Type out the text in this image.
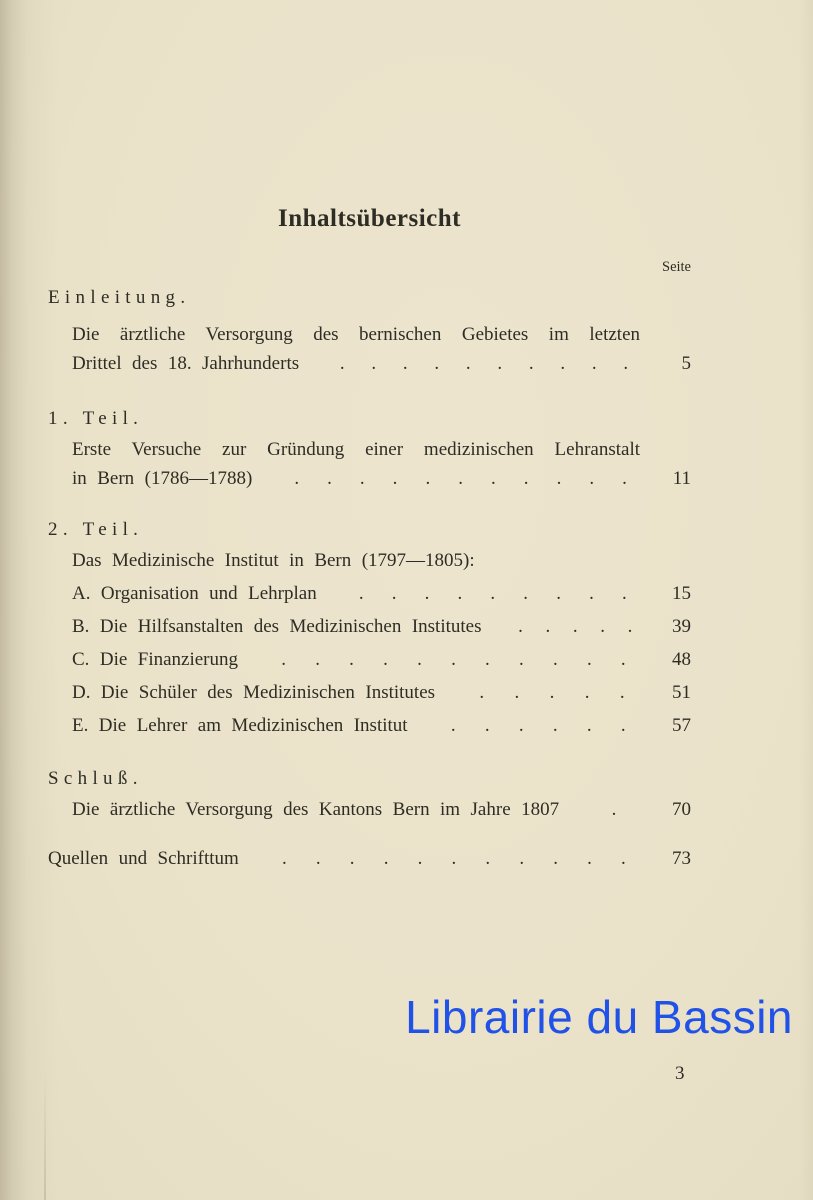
Inhaltsübersicht
Seite
Einleitung.
Die ärztliche Versorgung des bernischen Gebietes im letzten
Drittel des 18. Jahrhunderts . . . . . . . . . .	5
1. Teil.
Erste Versuche zur Gründung einer medizinischen Lehranstalt
in Bern (1786—1788) . . . . . . . . . . .	11
2. Teil.
Das Medizinische Institut in Bern (1797—1805):
A. Organisation und Lehrplan . . . . . . . . .	15
B. Die Hilfsanstalten des Medizinischen Institutes . . . . .	39
C. Die Finanzierung . . . . . . . . . . .	48
D. Die Schüler des Medizinischen Institutes . . . . .	51
E. Die Lehrer am Medizinischen Institut . . . . . .	57
Schluß.
Die ärztliche Versorgung des Kantons Bern im Jahre 1807	.	70
Quellen und Schrifttum . . . . . . . . . . .	73
Librairie du Bassin
3
